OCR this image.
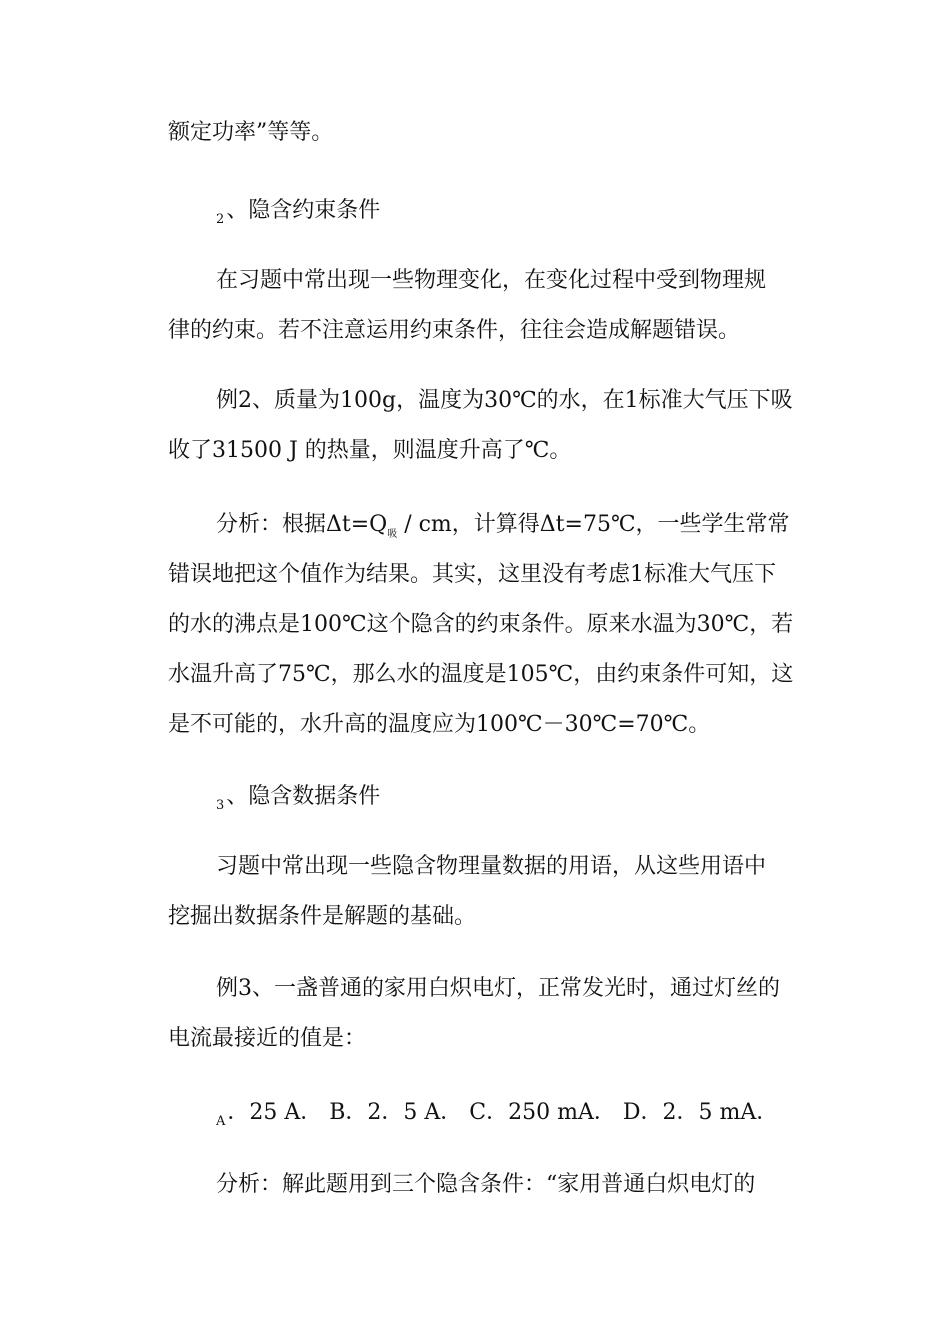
额定功率”等等。
$_2$、隐含约束条件
在习题中常出现一些物理变化，在变化过程中受到物理规
律的约束。若不注意运用约束条件，往往会造成解题错误。
例2、质量为100g，温度为30℃的水，在1标准大气压下吸
收了31500 J 的热量，则温度升高了℃。
分析：根据$\Delta t=Q_吸$ / cm，计算得Δt=75℃，一些学生常常
错误地把这个值作为结果。其实，这里没有考虑1标准大气压下
的水的沸点是100℃这个隐含的约束条件。原来水温为30℃，若
水温升高了75℃，那么水的温度是105℃，由约束条件可知，这
是不可能的，水升高的温度应为100℃－30℃=70℃。
$_3$、隐含数据条件
习题中常出现一些隐含物理量数据的用语，从这些用语中
挖掘出数据条件是解题的基础。
例3、一盏普通的家用白炽电灯，正常发光时，通过灯丝的
电流最接近的值是：
$_A$．25 A． B．2．5 A． C．250 mA． D．2．5 mA．
分析：解此题用到三个隐含条件：“家用普通白炽电灯的
